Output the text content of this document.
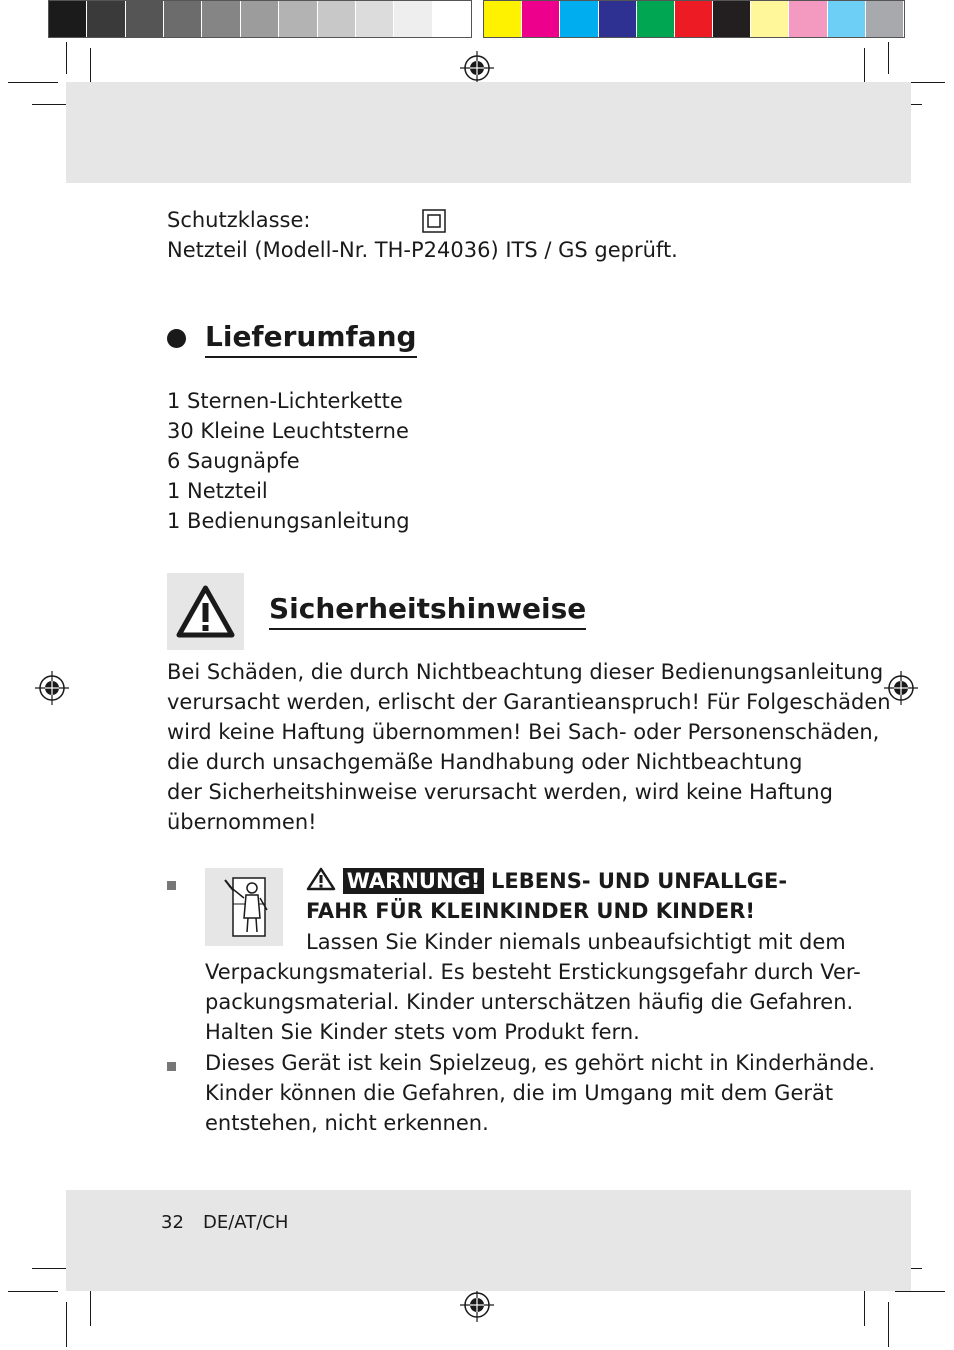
Schutzklasse:
Netzteil (Modell-Nr. TH-P24036) ITS / GS geprüft.
Lieferumfang
1 Sternen-Lichterkette
30 Kleine Leuchtsterne
6 Saugnäpfe
1 Netzteil
1 Bedienungsanleitung
Sicherheitshinweise
Bei Schäden, die durch Nichtbeachtung dieser Bedienungsanleitung
verursacht werden, erlischt der Garantieanspruch! Für Folgeschäden
wird keine Haftung übernommen! Bei Sach- oder Personenschäden,
die durch unsachgemäße Handhabung oder Nichtbeachtung
der Sicherheitshinweise verursacht werden, wird keine Haftung
übernommen!
WARNUNG! LEBENS- UND UNFALLGE-
FAHR FÜR KLEINKINDER UND KINDER!
Lassen Sie Kinder niemals unbeaufsichtigt mit dem
Verpackungsmaterial. Es besteht Erstickungsgefahr durch Ver-
packungsmaterial. Kinder unterschätzen häufig die Gefahren.
Halten Sie Kinder stets vom Produkt fern.
Dieses Gerät ist kein Spielzeug, es gehört nicht in Kinderhände.
Kinder können die Gefahren, die im Umgang mit dem Gerät
entstehen, nicht erkennen.
32 DE/AT/CH
